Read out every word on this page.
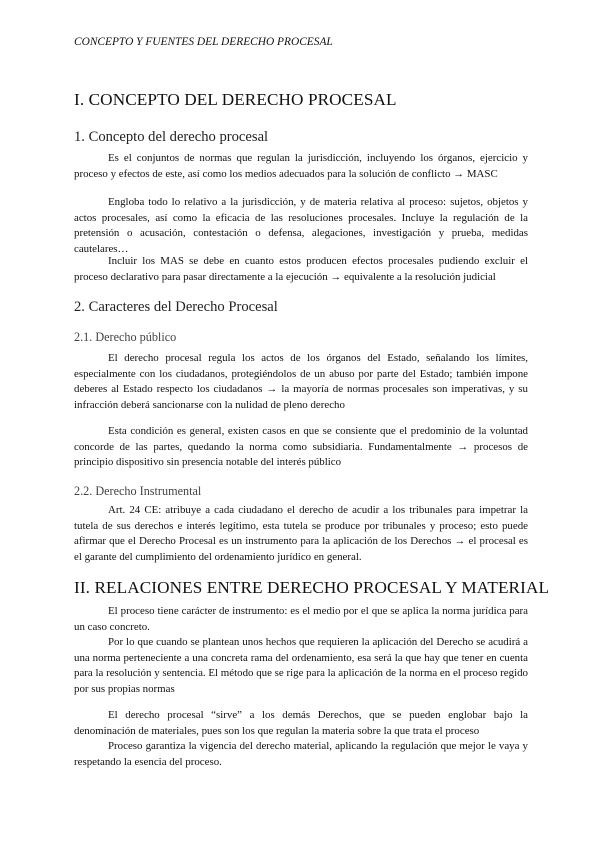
CONCEPTO Y FUENTES DEL DERECHO PROCESAL
I. CONCEPTO DEL DERECHO PROCESAL
1. Concepto del derecho procesal

Es el conjuntos de normas que regulan la jurisdicción, incluyendo los órganos, ejercicio y proceso y efectos de este, así como los medios adecuados para la solución de conflicto → MASC

Engloba todo lo relativo a la jurisdicción, y de materia relativa al proceso: sujetos, objetos y actos procesales, así como la eficacia de las resoluciones procesales. Incluye la regulación de la pretensión o acusación, contestación o defensa, alegaciones, investigación y prueba, medidas cautelares…

Incluir los MAS se debe en cuanto estos producen efectos procesales pudiendo excluir el proceso declarativo para pasar directamente a la ejecución → equivalente a la resolución judicial

2. Caracteres del Derecho Procesal
2.1. Derecho público

El derecho procesal regula los actos de los órganos del Estado, señalando los límites, especialmente con los ciudadanos, protegiéndolos de un abuso por parte del Estado; también impone deberes al Estado respecto los ciudadanos → la mayoría de normas procesales son imperativas, y su infracción deberá sancionarse con la nulidad de pleno derecho

Esta condición es general, existen casos en que se consiente que el predominio de la voluntad concorde de las partes, quedando la norma como subsidiaria. Fundamentalmente → procesos de principio dispositivo sin presencia notable del interés público

2.2. Derecho Instrumental

Art. 24 CE: atribuye a cada ciudadano el derecho de acudir a los tribunales para impetrar la tutela de sus derechos e interés legítimo, esta tutela se produce por tribunales y proceso; esto puede afirmar que el Derecho Procesal es un instrumento para la aplicación de los Derechos → el procesal es el garante del cumplimiento del ordenamiento jurídico en general.

II. RELACIONES ENTRE DERECHO PROCESAL Y MATERIAL

El proceso tiene carácter de instrumento: es el medio por el que se aplica la norma jurídica para un caso concreto.

Por lo que cuando se plantean unos hechos que requieren la aplicación del Derecho se acudirá a una norma perteneciente a una concreta rama del ordenamiento, esa será la que hay que tener en cuenta para la resolución y sentencia. El método que se rige para la aplicación de la norma en el proceso regido por sus propias normas

El derecho procesal “sirve” a los demás Derechos, que se pueden englobar bajo la denominación de materiales, pues son los que regulan la materia sobre la que trata el proceso

Proceso garantiza la vigencia del derecho material, aplicando la regulación que mejor le vaya y respetando la esencia del proceso.
